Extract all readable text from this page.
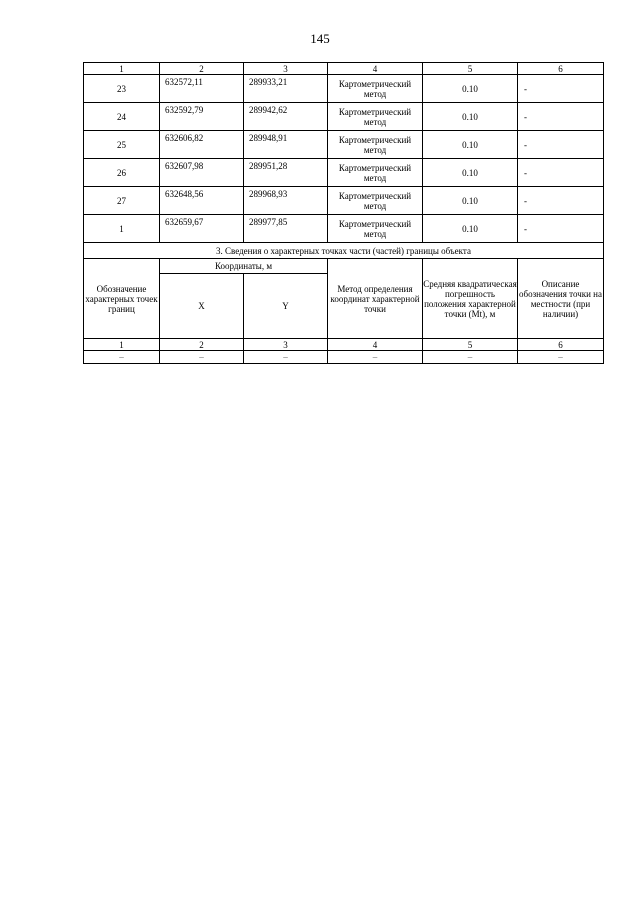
145
1	2	3	4	5	6
23	632572,11	289933,21	Картометрический метод	0.10	-
24	632592,79	289942,62	Картометрический метод	0.10	-
25	632606,82	289948,91	Картометрический метод	0.10	-
26	632607,98	289951,28	Картометрический метод	0.10	-
27	632648,56	289968,93	Картометрический метод	0.10	-
1	632659,67	289977,85	Картометрический метод	0.10	-
3. Сведения о характерных точках части (частей) границы объекта					
Обозначение характерных точек границ	Координаты, м		Метод определения координат характерной точки	Средняя квадратическая погрешность положения характерной точки (Mt), м	Описание обозначения точки на местности (при наличии)
	X	Y			
1	2	3	4	5	6
–	–	–	–	–	–
